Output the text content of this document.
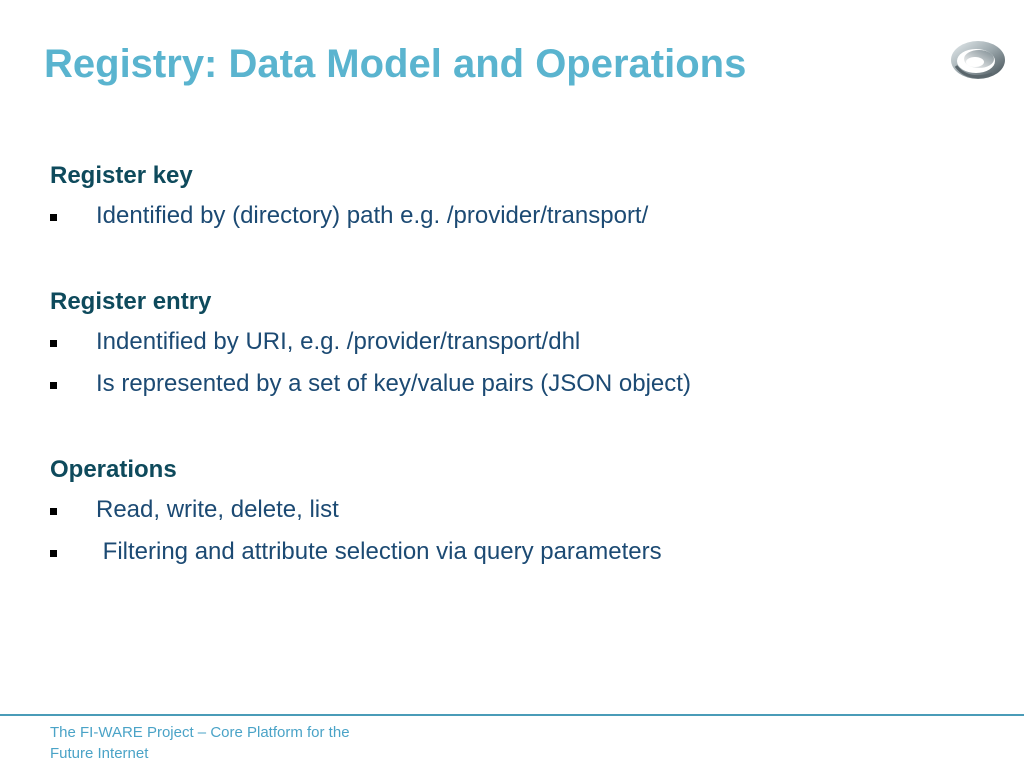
Registry: Data Model and Operations
Register key

Identified by (directory) path e.g. /provider/transport/

Register entry

Indentified by URI, e.g. /provider/transport/dhl

Is represented by a set of key/value pairs (JSON object)

Operations

Read, write, delete, list

Filtering and attribute selection via query parameters

The FI-WARE Project – Core Platform for the
Future Internet
